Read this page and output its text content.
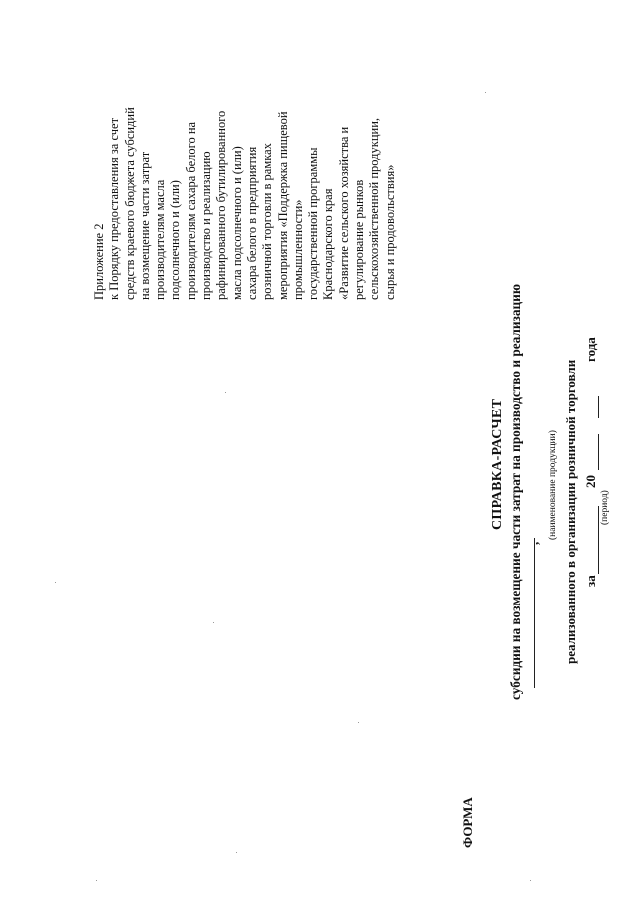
Приложение 2 к Порядку предоставления за счет средств краевого бюджета субсидий на возмещение части затрат производителям масла подсолнечного и (или) производителям сахара белого на производство и реализацию рафинированного бутилированного масла подсолнечного и (или) сахара белого в предприятия розничной торговли в рамках мероприятия «Поддержка пищевой промышленности» государственной программы Краснодарского края «Развитие сельского хозяйства и регулирование рынков сельскохозяйственной продукции, сырья и продовольствия»
СПРАВКА-РАСЧЕТ субсидии на возмещение части затрат на производство и реализацию ,
(наименование продукции) реализованного в организации розничной торговли за
20
года
(период)
ФОРМА
